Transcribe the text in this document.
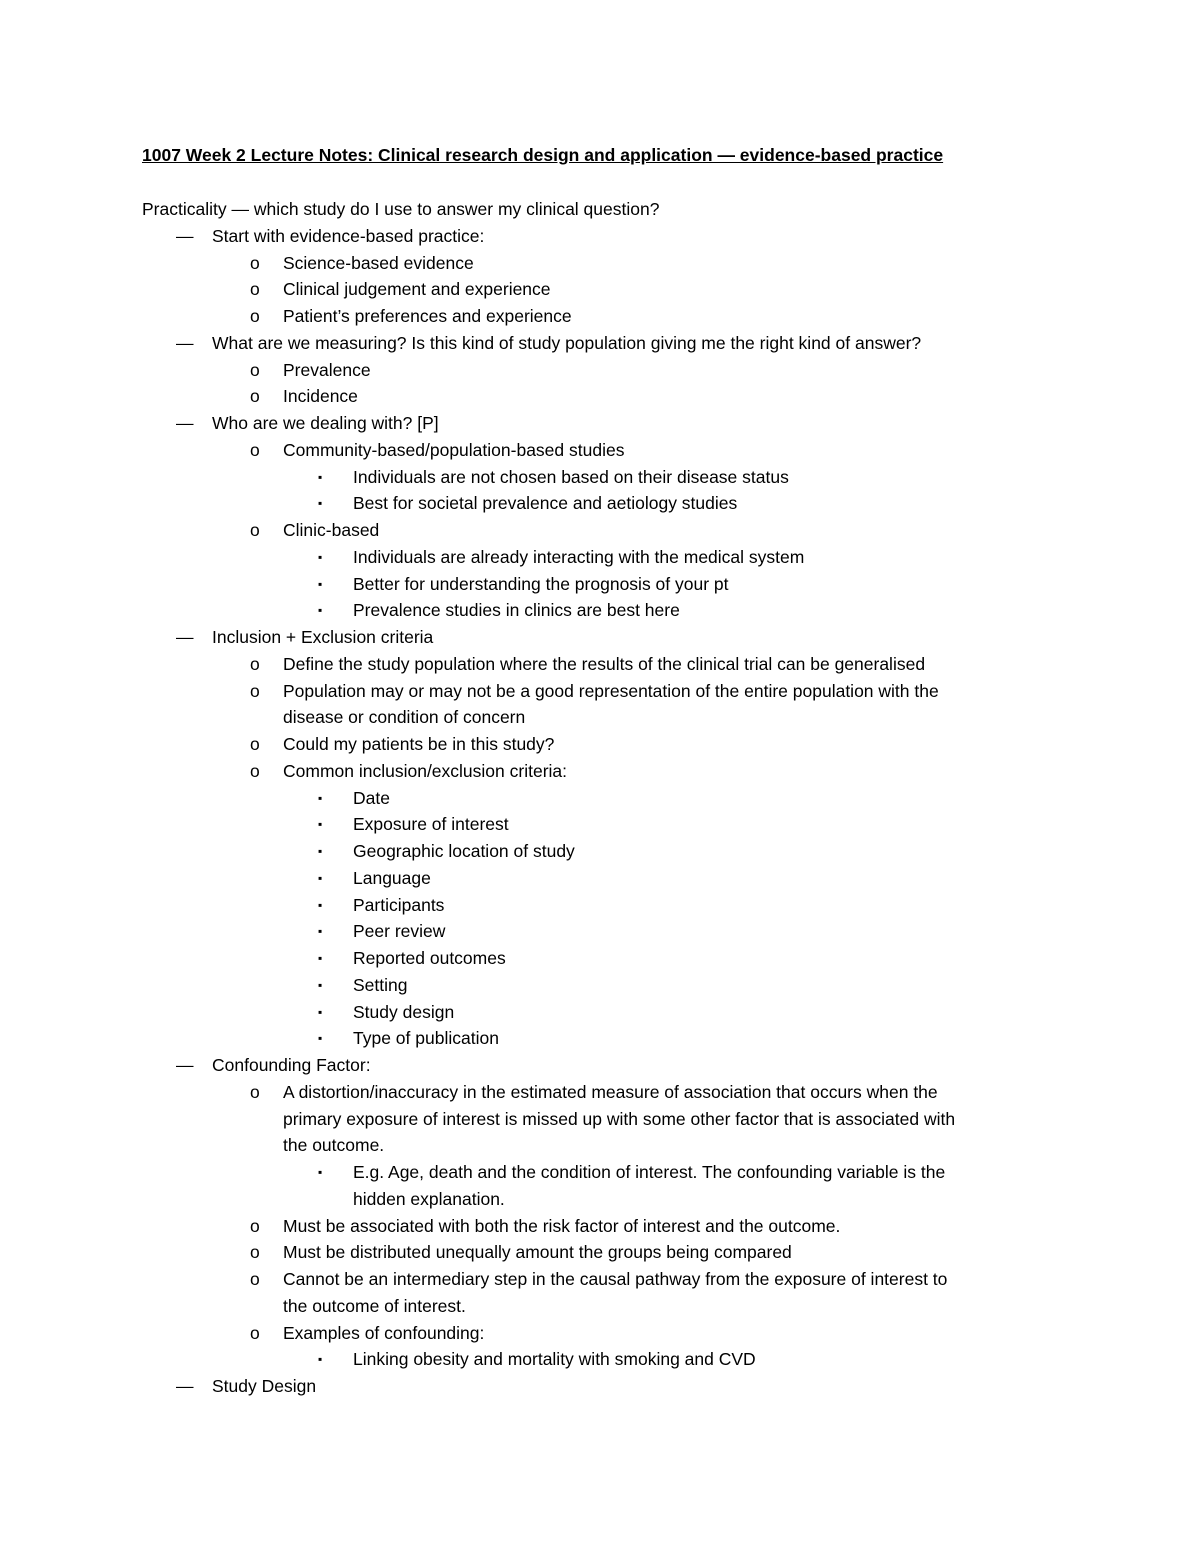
1007 Week 2 Lecture Notes: Clinical research design and application — evidence-based practice
Practicality — which study do I use to answer my clinical question?
— Start with evidence-based practice:
o Science-based evidence
o Clinical judgement and experience
o Patient’s preferences and experience
— What are we measuring? Is this kind of study population giving me the right kind of answer?
o Prevalence
o Incidence
— Who are we dealing with? [P]
o Community-based/population-based studies
▪ Individuals are not chosen based on their disease status
▪ Best for societal prevalence and aetiology studies
o Clinic-based
▪ Individuals are already interacting with the medical system
▪ Better for understanding the prognosis of your pt
▪ Prevalence studies in clinics are best here
— Inclusion + Exclusion criteria
o Define the study population where the results of the clinical trial can be generalised
o Population may or may not be a good representation of the entire population with the
disease or condition of concern
o Could my patients be in this study?
o Common inclusion/exclusion criteria:
▪ Date
▪ Exposure of interest
▪ Geographic location of study
▪ Language
▪ Participants
▪ Peer review
▪ Reported outcomes
▪ Setting
▪ Study design
▪ Type of publication
— Confounding Factor:
o A distortion/inaccuracy in the estimated measure of association that occurs when the
primary exposure of interest is missed up with some other factor that is associated with
the outcome.
▪ E.g. Age, death and the condition of interest. The confounding variable is the
hidden explanation.
o Must be associated with both the risk factor of interest and the outcome.
o Must be distributed unequally amount the groups being compared
o Cannot be an intermediary step in the causal pathway from the exposure of interest to
the outcome of interest.
o Examples of confounding:
▪ Linking obesity and mortality with smoking and CVD
— Study Design
